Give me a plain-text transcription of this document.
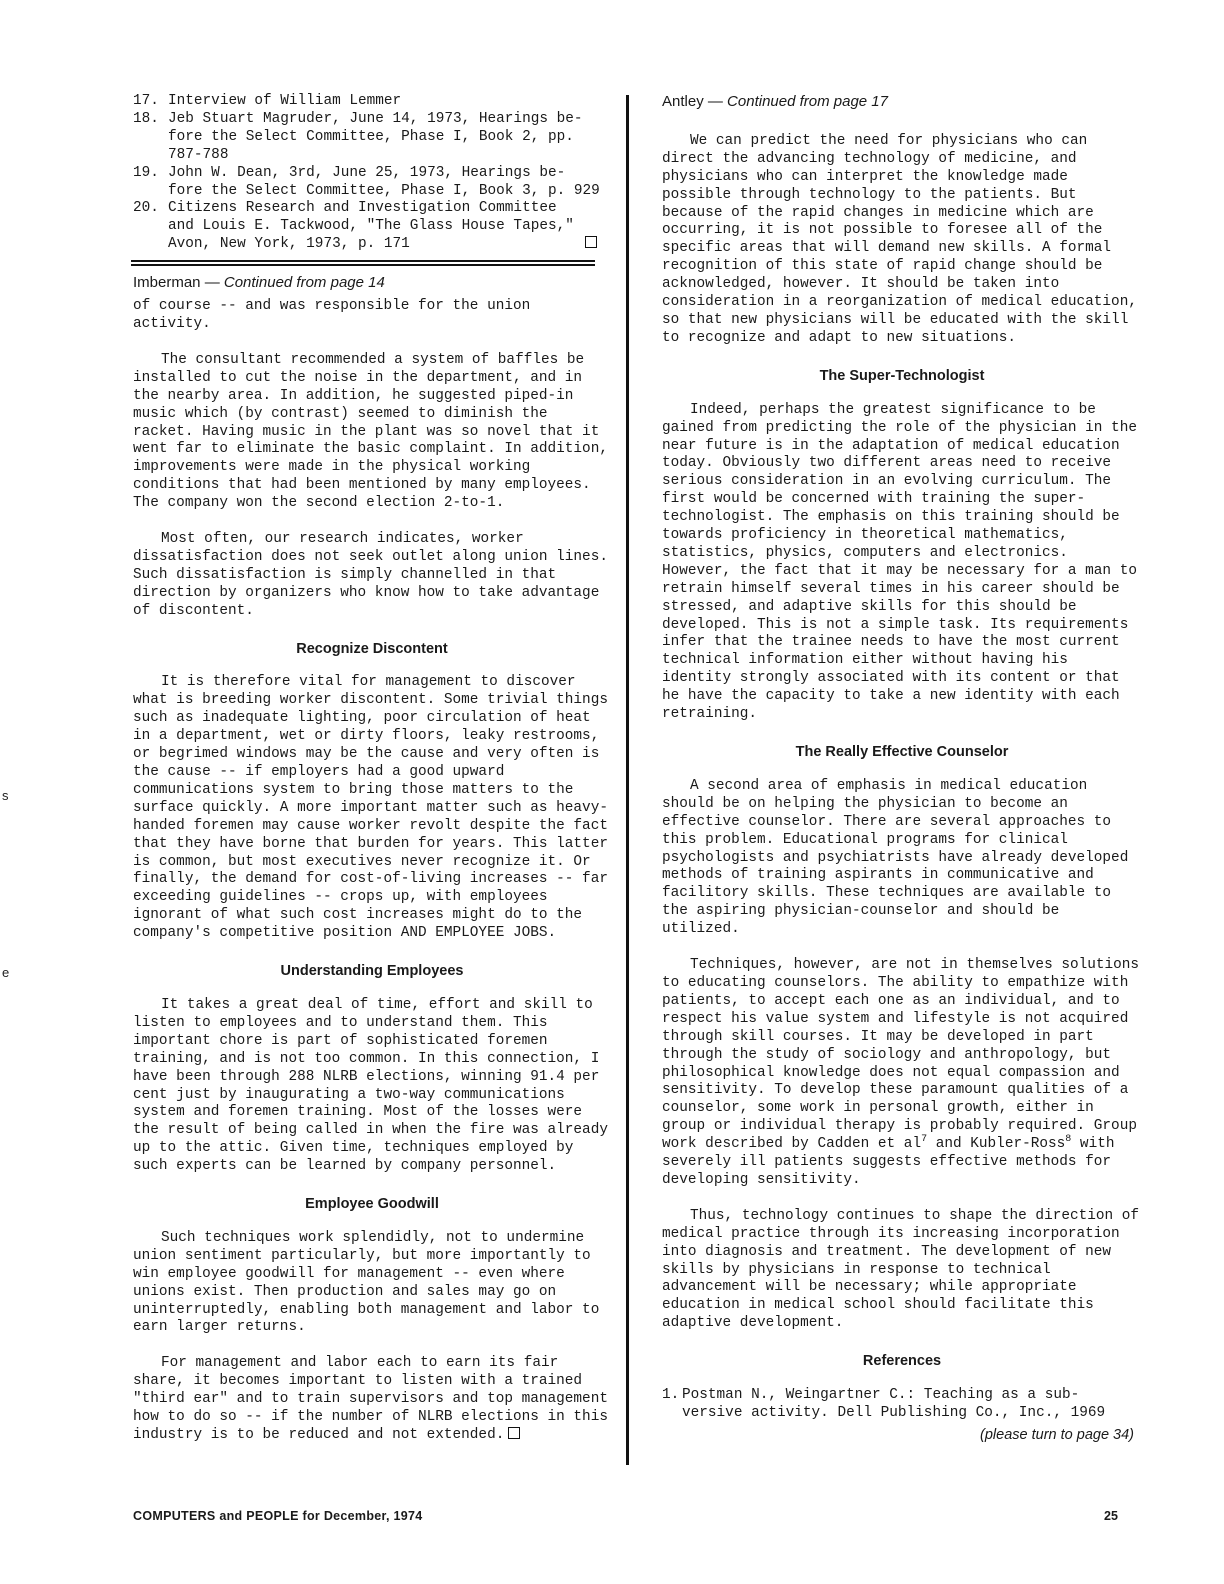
17. Interview of William Lemmer
18. Jeb Stuart Magruder, June 14, 1973, Hearings be-
fore the Select Committee, Phase I, Book 2, pp.
787-788
19. John W. Dean, 3rd, June 25, 1973, Hearings be-
fore the Select Committee, Phase I, Book 3, p. 929
20. Citizens Research and Investigation Committee
and Louis E. Tackwood, "The Glass House Tapes,"
Avon, New York, 1973, p. 171
Imberman — Continued from page 14

of course -- and was responsible for the union activity.

The consultant recommended a system of baffles be installed to cut the noise in the department, and in the nearby area. In addition, he suggested piped-in music which (by contrast) seemed to diminish the racket. Having music in the plant was so novel that it went far to eliminate the basic complaint. In addition, improvements were made in the physical working conditions that had been mentioned by many employees. The company won the second election 2-to-1.

Most often, our research indicates, worker dissatisfaction does not seek outlet along union lines. Such dissatisfaction is simply channelled in that direction by organizers who know how to take advantage of discontent.

Recognize Discontent

It is therefore vital for management to discover what is breeding worker discontent. Some trivial things such as inadequate lighting, poor circulation of heat in a department, wet or dirty floors, leaky restrooms, or begrimed windows may be the cause and very often is the cause -- if employers had a good upward communications system to bring those matters to the surface quickly. A more important matter such as heavy-handed foremen may cause worker revolt despite the fact that they have borne that burden for years. This latter is common, but most executives never recognize it. Or finally, the demand for cost-of-living increases -- far exceeding guidelines -- crops up, with employees ignorant of what such cost increases might do to the company's competitive position AND EMPLOYEE JOBS.

Understanding Employees

It takes a great deal of time, effort and skill to listen to employees and to understand them. This important chore is part of sophisticated foremen training, and is not too common. In this connection, I have been through 288 NLRB elections, winning 91.4 per cent just by inaugurating a two-way communications system and foremen training. Most of the losses were the result of being called in when the fire was already up to the attic. Given time, techniques employed by such experts can be learned by company personnel.

Employee Goodwill

Such techniques work splendidly, not to undermine union sentiment particularly, but more importantly to win employee goodwill for management -- even where unions exist. Then production and sales may go on uninterruptedly, enabling both management and labor to earn larger returns.

For management and labor each to earn its fair share, it becomes important to listen with a trained "third ear" and to train supervisors and top management how to do so -- if the number of NLRB elections in this industry is to be reduced and not extended.

Antley — Continued from page 17

We can predict the need for physicians who can direct the advancing technology of medicine, and physicians who can interpret the knowledge made possible through technology to the patients. But because of the rapid changes in medicine which are occurring, it is not possible to foresee all of the specific areas that will demand new skills. A formal recognition of this state of rapid change should be acknowledged, however. It should be taken into consideration in a reorganization of medical education, so that new physicians will be educated with the skill to recognize and adapt to new situations.

The Super-Technologist

Indeed, perhaps the greatest significance to be gained from predicting the role of the physician in the near future is in the adaptation of medical education today. Obviously two different areas need to receive serious consideration in an evolving curriculum. The first would be concerned with training the super-technologist. The emphasis on this training should be towards proficiency in theoretical mathematics, statistics, physics, computers and electronics. However, the fact that it may be necessary for a man to retrain himself several times in his career should be stressed, and adaptive skills for this should be developed. This is not a simple task. Its requirements infer that the trainee needs to have the most current technical information either without having his identity strongly associated with its content or that he have the capacity to take a new identity with each retraining.

The Really Effective Counselor

A second area of emphasis in medical education should be on helping the physician to become an effective counselor. There are several approaches to this problem. Educational programs for clinical psychologists and psychiatrists have already developed methods of training aspirants in communicative and facilitory skills. These techniques are available to the aspiring physician-counselor and should be utilized.

Techniques, however, are not in themselves solutions to educating counselors. The ability to empathize with patients, to accept each one as an individual, and to respect his value system and lifestyle is not acquired through skill courses. It may be developed in part through the study of sociology and anthropology, but philosophical knowledge does not equal compassion and sensitivity. To develop these paramount qualities of a counselor, some work in personal growth, either in group or individual therapy is probably required. Group work described by Cadden et $al^7$ and Kubler-Ross$^8$ with severely ill patients suggests effective methods for developing sensitivity.

Thus, technology continues to shape the direction of medical practice through its increasing incorporation into diagnosis and treatment. The development of new skills by physicians in response to technical advancement will be necessary; while appropriate education in medical school should facilitate this adaptive development.

References
1. Postman N., Weingartner C.: Teaching as a sub-
versive activity. Dell Publishing Co., Inc., 1969
(please turn to page 34)
s
e
COMPUTERS and PEOPLE for December, 1974	25
